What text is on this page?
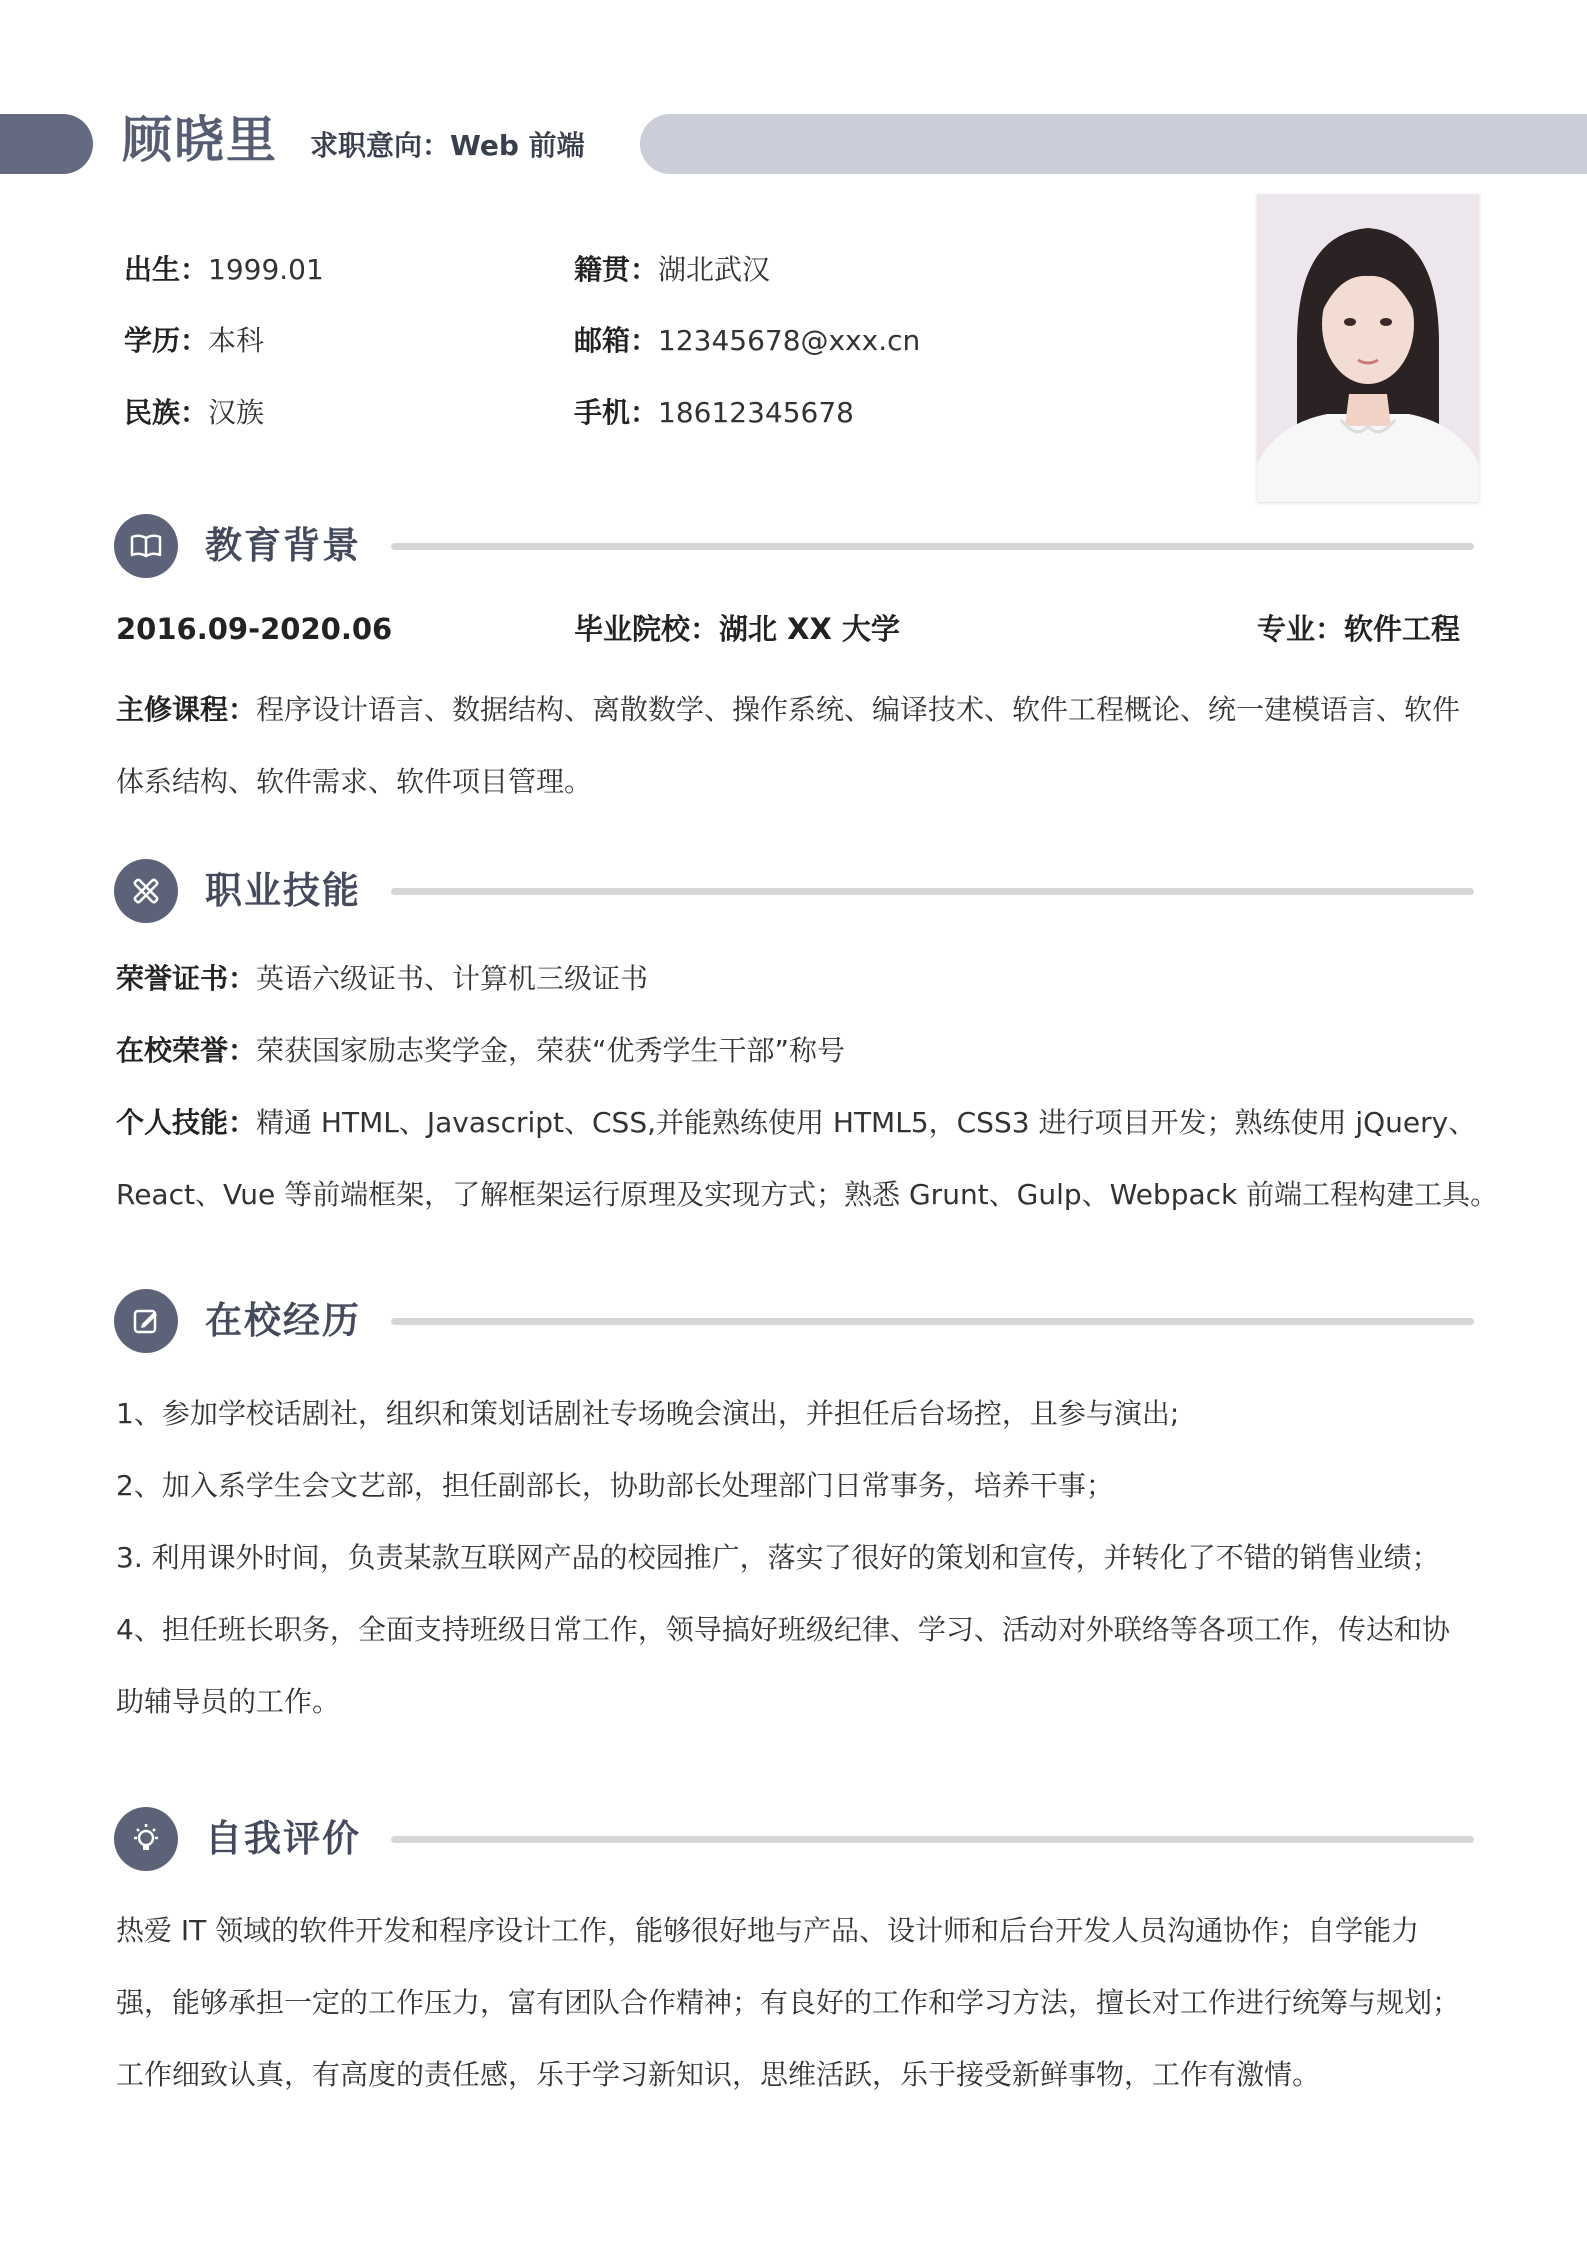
顾晓里 求职意向：Web 前端
出生：1999.01	籍贯：湖北武汉
学历：本科	邮箱：12345678@xxx.cn
民族：汉族	手机：18612345678
教育背景
2016.09-2020.06	毕业院校：湖北 XX 大学	专业：软件工程
主修课程：程序设计语言、数据结构、离散数学、操作系统、编译技术、软件工程概论、统一建模语言、软件体系结构、软件需求、软件项目管理。
职业技能
荣誉证书：英语六级证书、计算机三级证书
在校荣誉：荣获国家励志奖学金，荣获“优秀学生干部”称号
个人技能：精通 HTML、Javascript、CSS,并能熟练使用 HTML5，CSS3 进行项目开发；熟练使用 jQuery、
React、Vue 等前端框架，了解框架运行原理及实现方式；熟悉 Grunt、Gulp、Webpack 前端工程构建工具。
在校经历
1、参加学校话剧社，组织和策划话剧社专场晚会演出，并担任后台场控，且参与演出;
2、加入系学生会文艺部，担任副部长，协助部长处理部门日常事务，培养干事；
3. 利用课外时间，负责某款互联网产品的校园推广，落实了很好的策划和宣传，并转化了不错的销售业绩；
4、担任班长职务，全面支持班级日常工作，领导搞好班级纪律、学习、活动对外联络等各项工作，传达和协助辅导员的工作。
自我评价
热爱 IT 领域的软件开发和程序设计工作，能够很好地与产品、设计师和后台开发人员沟通协作；自学能力强，能够承担一定的工作压力，富有团队合作精神；有良好的工作和学习方法，擅长对工作进行统筹与规划；工作细致认真，有高度的责任感，乐于学习新知识，思维活跃，乐于接受新鲜事物，工作有激情。
